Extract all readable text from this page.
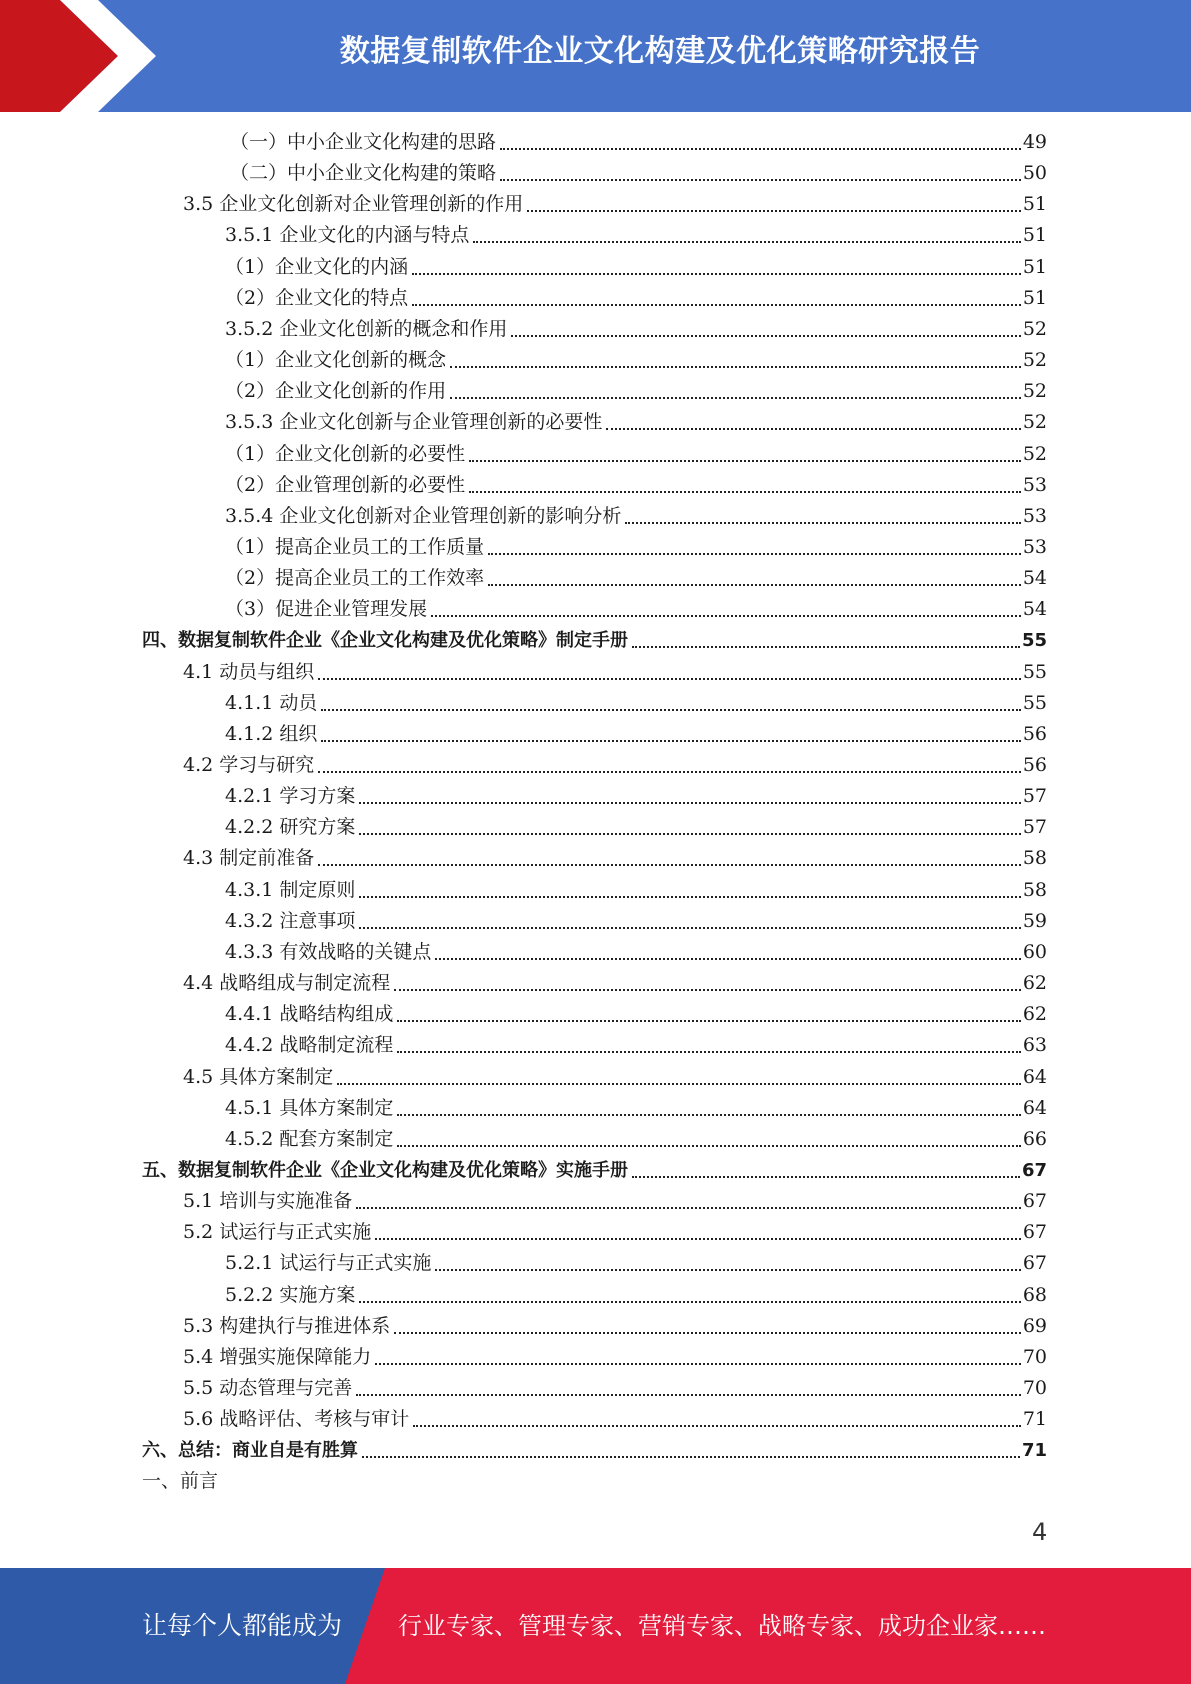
数据复制软件企业文化构建及优化策略研究报告
（一）中小企业文化构建的思路	49
（二）中小企业文化构建的策略	50
3.5 企业文化创新对企业管理创新的作用	51
3.5.1 企业文化的内涵与特点	51
（1）企业文化的内涵	51
（2）企业文化的特点	51
3.5.2 企业文化创新的概念和作用	52
（1）企业文化创新的概念	52
（2）企业文化创新的作用	52
3.5.3 企业文化创新与企业管理创新的必要性	52
（1）企业文化创新的必要性	52
（2）企业管理创新的必要性	53
3.5.4 企业文化创新对企业管理创新的影响分析	53
（1）提高企业员工的工作质量	53
（2）提高企业员工的工作效率	54
（3）促进企业管理发展	54
四、数据复制软件企业《企业文化构建及优化策略》制定手册	55
4.1 动员与组织	55
4.1.1 动员	55
4.1.2 组织	56
4.2 学习与研究	56
4.2.1 学习方案	57
4.2.2 研究方案	57
4.3 制定前准备	58
4.3.1 制定原则	58
4.3.2 注意事项	59
4.3.3 有效战略的关键点	60
4.4 战略组成与制定流程	62
4.4.1 战略结构组成	62
4.4.2 战略制定流程	63
4.5 具体方案制定	64
4.5.1 具体方案制定	64
4.5.2 配套方案制定	66
五、数据复制软件企业《企业文化构建及优化策略》实施手册	67
5.1 培训与实施准备	67
5.2 试运行与正式实施	67
5.2.1 试运行与正式实施	67
5.2.2 实施方案	68
5.3 构建执行与推进体系	69
5.4 增强实施保障能力	70
5.5 动态管理与完善	70
5.6 战略评估、考核与审计	71
六、总结：商业自是有胜算	71
一、前言
4
让每个人都能成为 行业专家、管理专家、营销专家、战略专家、成功企业家……
